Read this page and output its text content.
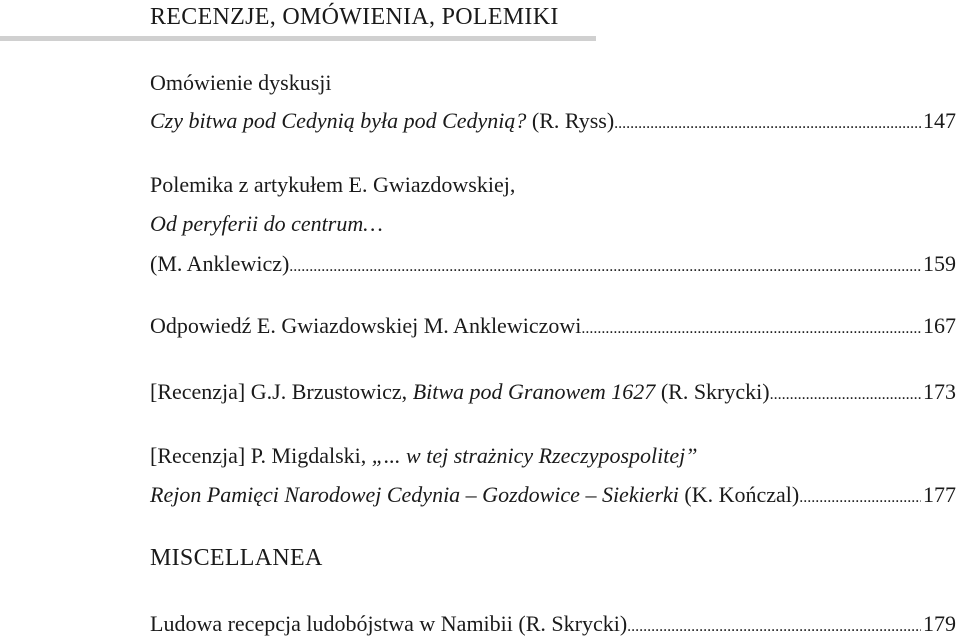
RECENZJE, OMÓWIENIA, POLEMIKI
Omówienie dyskusji
Czy bitwa pod Cedynią była pod Cedynią? (R. Ryss) .....	147
Polemika z artykułem E. Gwiazdowskiej,
Od peryferii do centrum…
(M. Anklewicz) .....	159
Odpowiedź E. Gwiazdowskiej M. Anklewiczowi .....	167
[Recenzja] G.J. Brzustowicz, Bitwa pod Granowem 1627 (R. Skrycki) .....	173
[Recenzja] P. Migdalski, „... w tej strażnicy Rzeczypospolitej”
Rejon Pamięci Narodowej Cedynia – Gozdowice – Siekierki (K. Kończal) .....	177
MISCELLANEA
Ludowa recepcja ludobójstwa w Namibii (R. Skrycki) .....	179
